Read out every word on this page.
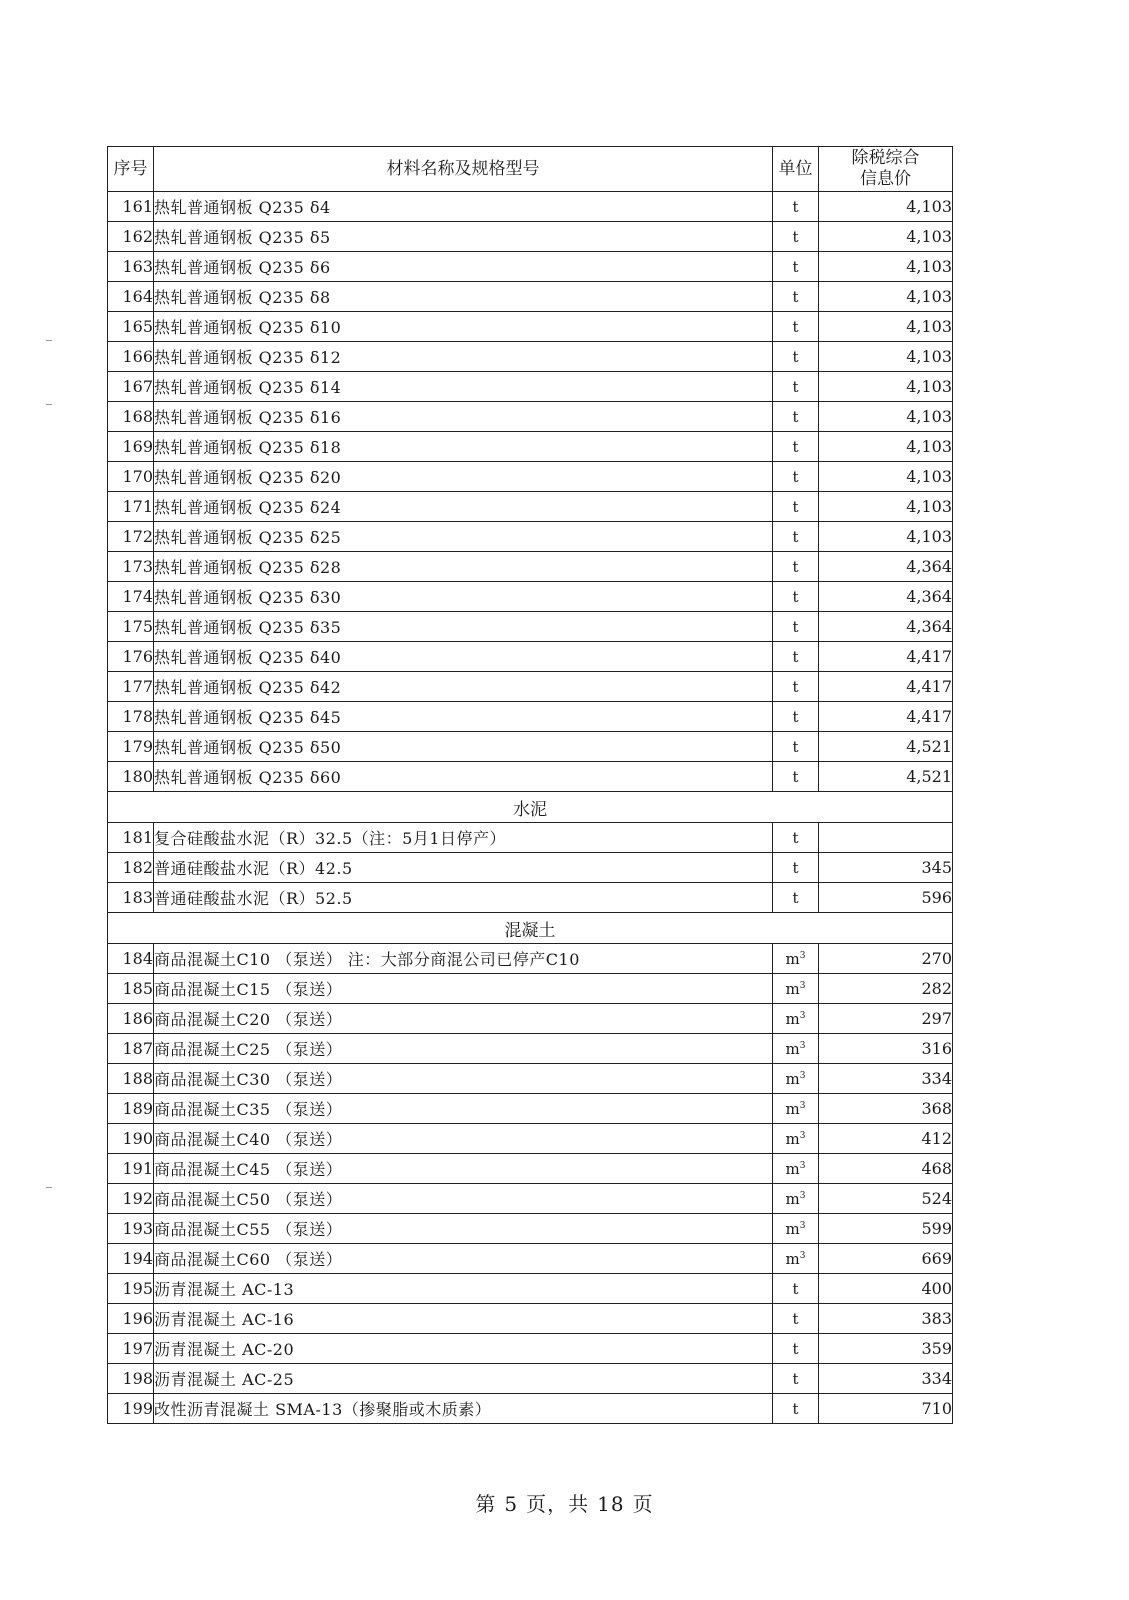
序号	材料名称及规格型号	单位	除税综合
信息价

161	热轧普通钢板 Q235 δ4	t	4,103
162	热轧普通钢板 Q235 δ5	t	4,103
163	热轧普通钢板 Q235 δ6	t	4,103
164	热轧普通钢板 Q235 δ8	t	4,103
165	热轧普通钢板 Q235 δ10	t	4,103
166	热轧普通钢板 Q235 δ12	t	4,103
167	热轧普通钢板 Q235 δ14	t	4,103
168	热轧普通钢板 Q235 δ16	t	4,103
169	热轧普通钢板 Q235 δ18	t	4,103
170	热轧普通钢板 Q235 δ20	t	4,103
171	热轧普通钢板 Q235 δ24	t	4,103
172	热轧普通钢板 Q235 δ25	t	4,103
173	热轧普通钢板 Q235 δ28	t	4,364
174	热轧普通钢板 Q235 δ30	t	4,364
175	热轧普通钢板 Q235 δ35	t	4,364
176	热轧普通钢板 Q235 δ40	t	4,417
177	热轧普通钢板 Q235 δ42	t	4,417
178	热轧普通钢板 Q235 δ45	t	4,417
179	热轧普通钢板 Q235 δ50	t	4,521
180	热轧普通钢板 Q235 δ60	t	4,521
水泥			
181	复合硅酸盐水泥（R）32.5（注：5月1日停产）	t	
182	普通硅酸盐水泥（R）42.5	t	345
183	普通硅酸盐水泥（R）52.5	t	596
混凝土			
184	商品混凝土C10 （泵送） 注：大部分商混公司已停产C10	$m^3$	270
185	商品混凝土C15 （泵送）	$m^3$	282
186	商品混凝土C20 （泵送）	$m^3$	297
187	商品混凝土C25 （泵送）	$m^3$	316
188	商品混凝土C30 （泵送）	$m^3$	334
189	商品混凝土C35 （泵送）	$m^3$	368
190	商品混凝土C40 （泵送）	$m^3$	412
191	商品混凝土C45 （泵送）	$m^3$	468
192	商品混凝土C50 （泵送）	$m^3$	524
193	商品混凝土C55 （泵送）	$m^3$	599
194	商品混凝土C60 （泵送）	$m^3$	669
195	沥青混凝土 AC-13	t	400
196	沥青混凝土 AC-16	t	383
197	沥青混凝土 AC-20	t	359
198	沥青混凝土 AC-25	t	334
199	改性沥青混凝土 SMA-13（掺聚脂或木质素）	t	710
第 5 页，共 18 页
